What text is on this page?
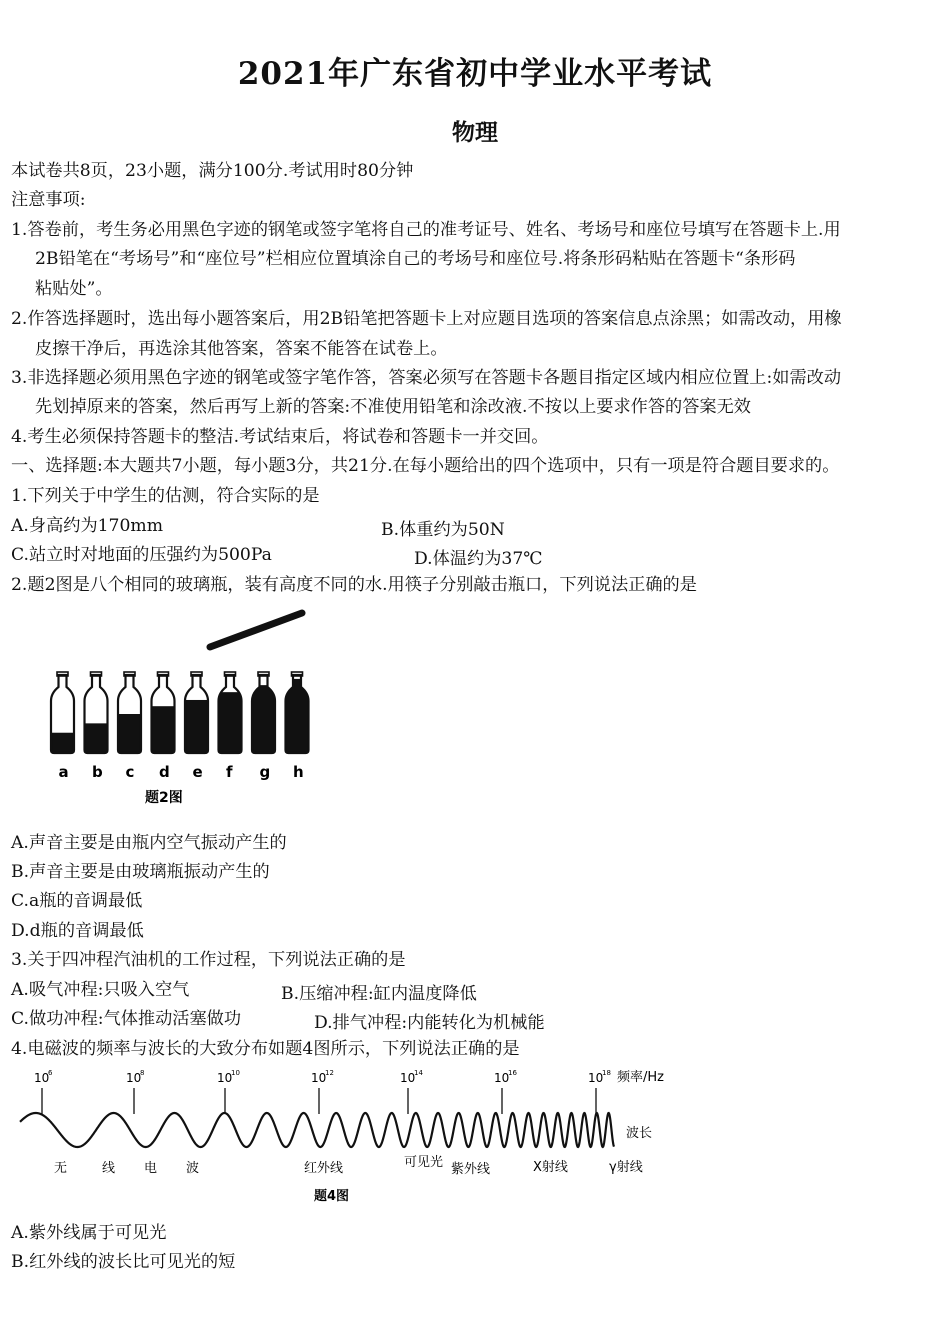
2021年广东省初中学业水平考试
物理
本试卷共8页，23小题，满分100分.考试用时80分钟
注意事项:
1.答卷前，考生务必用黑色字迹的钢笔或签字笔将自己的准考证号、姓名、考场号和座位号填写在答题卡上.用
2B铅笔在“考场号”和“座位号”栏相应位置填涂自己的考场号和座位号.将条形码粘贴在答题卡“条形码
粘贴处”。
2.作答选择题时，选出每小题答案后，用2B铅笔把答题卡上对应题目选项的答案信息点涂黑；如需改动，用橡
皮擦干净后，再选涂其他答案，答案不能答在试卷上。
3.非选择题必须用黑色字迹的钢笔或签字笔作答，答案必须写在答题卡各题目指定区域内相应位置上:如需改动
先划掉原来的答案，然后再写上新的答案:不准使用铅笔和涂改液.不按以上要求作答的答案无效
4.考生必须保持答题卡的整洁.考试结束后，将试卷和答题卡一并交回。
一、选择题:本大题共7小题，每小题3分，共21分.在每小题给出的四个选项中，只有一项是符合题目要求的。
1.下列关于中学生的估测，符合实际的是
A.身高约为170mm	B.体重约为50N
C.站立时对地面的压强约为500Pa	D.体温约为37℃
2.题2图是八个相同的玻璃瓶，装有高度不同的水.用筷子分别敲击瓶口，下列说法正确的是
a b c d e f g h
题2图
A.声音主要是由瓶内空气振动产生的
B.声音主要是由玻璃瓶振动产生的
C.a瓶的音调最低
D.d瓶的音调最低
3.关于四冲程汽油机的工作过程，下列说法正确的是
A.吸气冲程:只吸入空气	B.压缩冲程:缸内温度降低
C.做功冲程:气体推动活塞做功	D.排气冲程:内能转化为机械能
4.电磁波的频率与波长的大致分布如题4图所示，下列说法正确的是
10
6	10
8	10
10	10
12	10
14	10
16	10
18 频率/Hz
波长
无	线 电 波	红外线	可见光 紫外线	X射线	γ射线
题4图
A.紫外线属于可见光
B.红外线的波长比可见光的短
